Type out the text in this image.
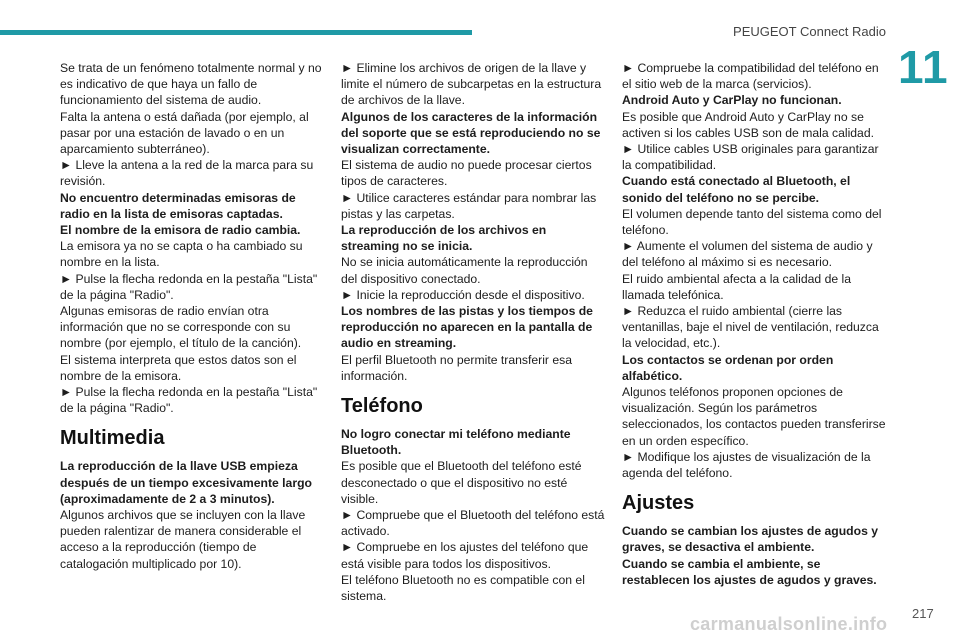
PEUGEOT Connect Radio
11

Se trata de un fenómeno totalmente normal y no es indicativo de que haya un fallo de funcionamiento del sistema de audio.

Falta la antena o está dañada (por ejemplo, al pasar por una estación de lavado o en un aparcamiento subterráneo).

► Lleve la antena a la red de la marca para su revisión.

No encuentro determinadas emisoras de radio en la lista de emisoras captadas.

El nombre de la emisora de radio cambia.

La emisora ya no se capta o ha cambiado su nombre en la lista.

► Pulse la flecha redonda en la pestaña "Lista" de la página "Radio".

Algunas emisoras de radio envían otra información que no se corresponde con su nombre (por ejemplo, el título de la canción).

El sistema interpreta que estos datos son el nombre de la emisora.

► Pulse la flecha redonda en la pestaña "Lista" de la página "Radio".

Multimedia

La reproducción de la llave USB empieza después de un tiempo excesivamente largo (aproximadamente de 2 a 3 minutos).

Algunos archivos que se incluyen con la llave pueden ralentizar de manera considerable el acceso a la reproducción (tiempo de catalogación multiplicado por 10).

► Elimine los archivos de origen de la llave y limite el número de subcarpetas en la estructura de archivos de la llave.

Algunos de los caracteres de la información del soporte que se está reproduciendo no se visualizan correctamente.

El sistema de audio no puede procesar ciertos tipos de caracteres.

► Utilice caracteres estándar para nombrar las pistas y las carpetas.

La reproducción de los archivos en streaming no se inicia.

No se inicia automáticamente la reproducción del dispositivo conectado.

► Inicie la reproducción desde el dispositivo.

Los nombres de las pistas y los tiempos de reproducción no aparecen en la pantalla de audio en streaming.

El perfil Bluetooth no permite transferir esa información.

Teléfono

No logro conectar mi teléfono mediante Bluetooth.

Es posible que el Bluetooth del teléfono esté desconectado o que el dispositivo no esté visible.

► Compruebe que el Bluetooth del teléfono está activado.

► Compruebe en los ajustes del teléfono que está visible para todos los dispositivos.

El teléfono Bluetooth no es compatible con el sistema.

► Compruebe la compatibilidad del teléfono en el sitio web de la marca (servicios).

Android Auto y CarPlay no funcionan.

Es posible que Android Auto y CarPlay no se activen si los cables USB son de mala calidad.

► Utilice cables USB originales para garantizar la compatibilidad.

Cuando está conectado al Bluetooth, el sonido del teléfono no se percibe.

El volumen depende tanto del sistema como del teléfono.

► Aumente el volumen del sistema de audio y del teléfono al máximo si es necesario.

El ruido ambiental afecta a la calidad de la llamada telefónica.

► Reduzca el ruido ambiental (cierre las ventanillas, baje el nivel de ventilación, reduzca la velocidad, etc.).

Los contactos se ordenan por orden alfabético.

Algunos teléfonos proponen opciones de visualización. Según los parámetros seleccionados, los contactos pueden transferirse en un orden específico.

► Modifique los ajustes de visualización de la agenda del teléfono.

Ajustes

Cuando se cambian los ajustes de agudos y graves, se desactiva el ambiente.

Cuando se cambia el ambiente, se restablecen los ajustes de agudos y graves.

217
carmanualsonline.info
